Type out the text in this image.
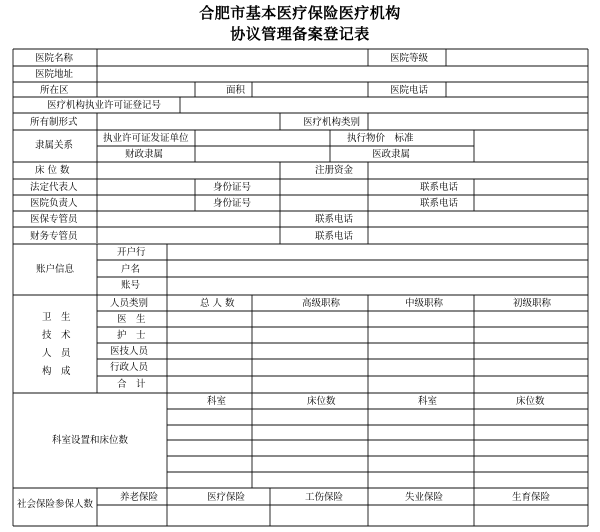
合肥市基本医疗保险医疗机构
协议管理备案登记表
医院名称	医院等级
医院地址
所在区	面积	医院电话
医疗机构执业许可证登记号
所有制形式	医疗机构类别
隶属关系
执业许可证发证单位	执行物价　标准
财政隶属	医政隶属
床 位 数	注册资金
法定代表人	身份证号	联系电话
医院负责人	身份证号	联系电话
医保专管员	联系电话
财务专管员	联系电话
账户信息
开户行
户名
账号
人员类别	总 人 数	高级职称	中级职称	初级职称
医　生
护　士
医技人员
行政人员
合　计
科室设置和床位数
科室	床位数	科室	床位数
社会保险参保人数
养老保险	医疗保险	工伤保险	失业保险	生育保险
卫　生
技　术
人　员
构　成
